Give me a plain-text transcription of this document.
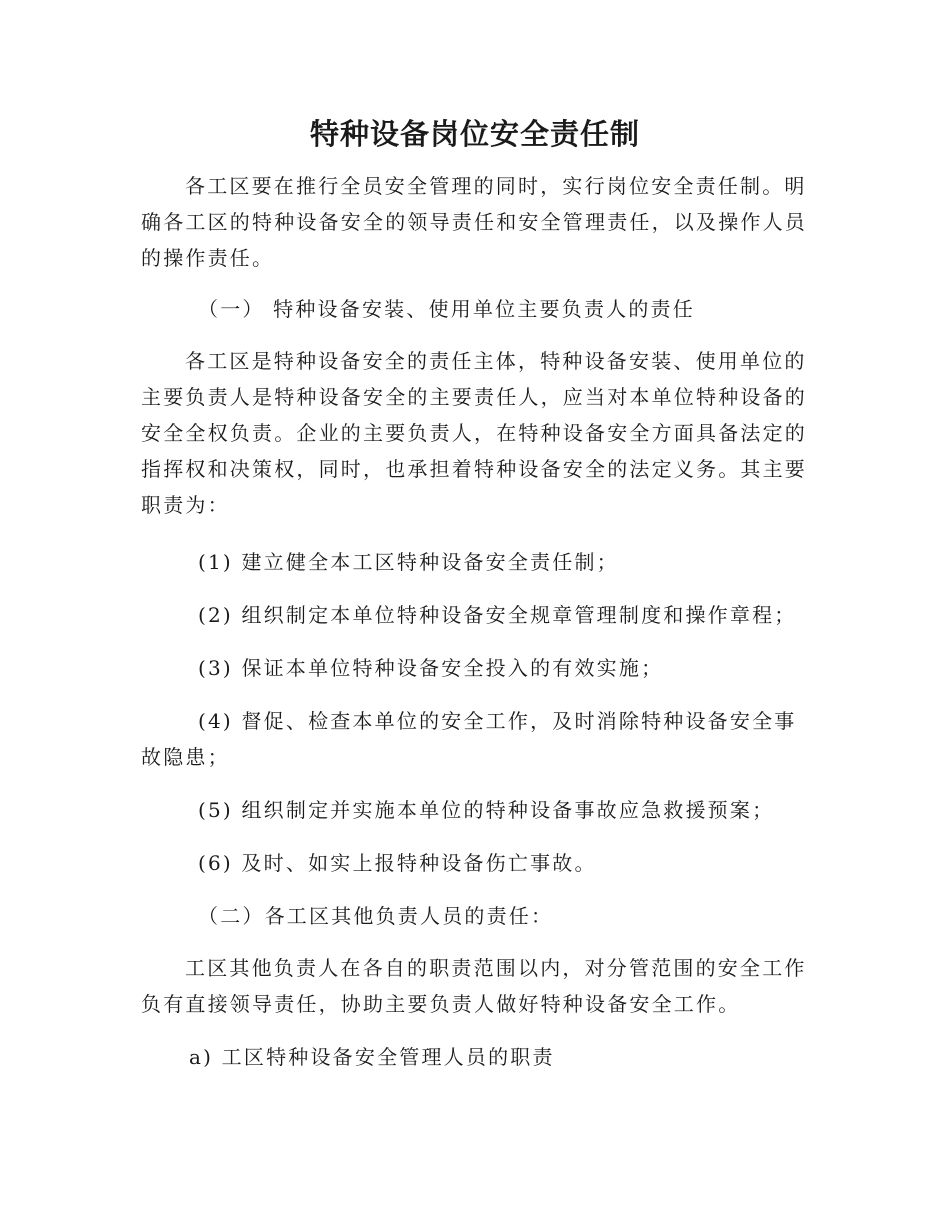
特种设备岗位安全责任制

各工区要在推行全员安全管理的同时，实行岗位安全责任制。明确各工区的特种设备安全的领导责任和安全管理责任，以及操作人员的操作责任。

（一） 特种设备安装、使用单位主要负责人的责任

各工区是特种设备安全的责任主体，特种设备安装、使用单位的主要负责人是特种设备安全的主要责任人，应当对本单位特种设备的安全全权负责。企业的主要负责人，在特种设备安全方面具备法定的指挥权和决策权，同时，也承担着特种设备安全的法定义务。其主要职责为：

(1) 建立健全本工区特种设备安全责任制；

(2) 组织制定本单位特种设备安全规章管理制度和操作章程；

(3) 保证本单位特种设备安全投入的有效实施；

(4) 督促、检查本单位的安全工作，及时消除特种设备安全事故隐患；

(5) 组织制定并实施本单位的特种设备事故应急救援预案；

(6) 及时、如实上报特种设备伤亡事故。

（二）各工区其他负责人员的责任：

工区其他负责人在各自的职责范围以内，对分管范围的安全工作负有直接领导责任，协助主要负责人做好特种设备安全工作。

a) 工区特种设备安全管理人员的职责
